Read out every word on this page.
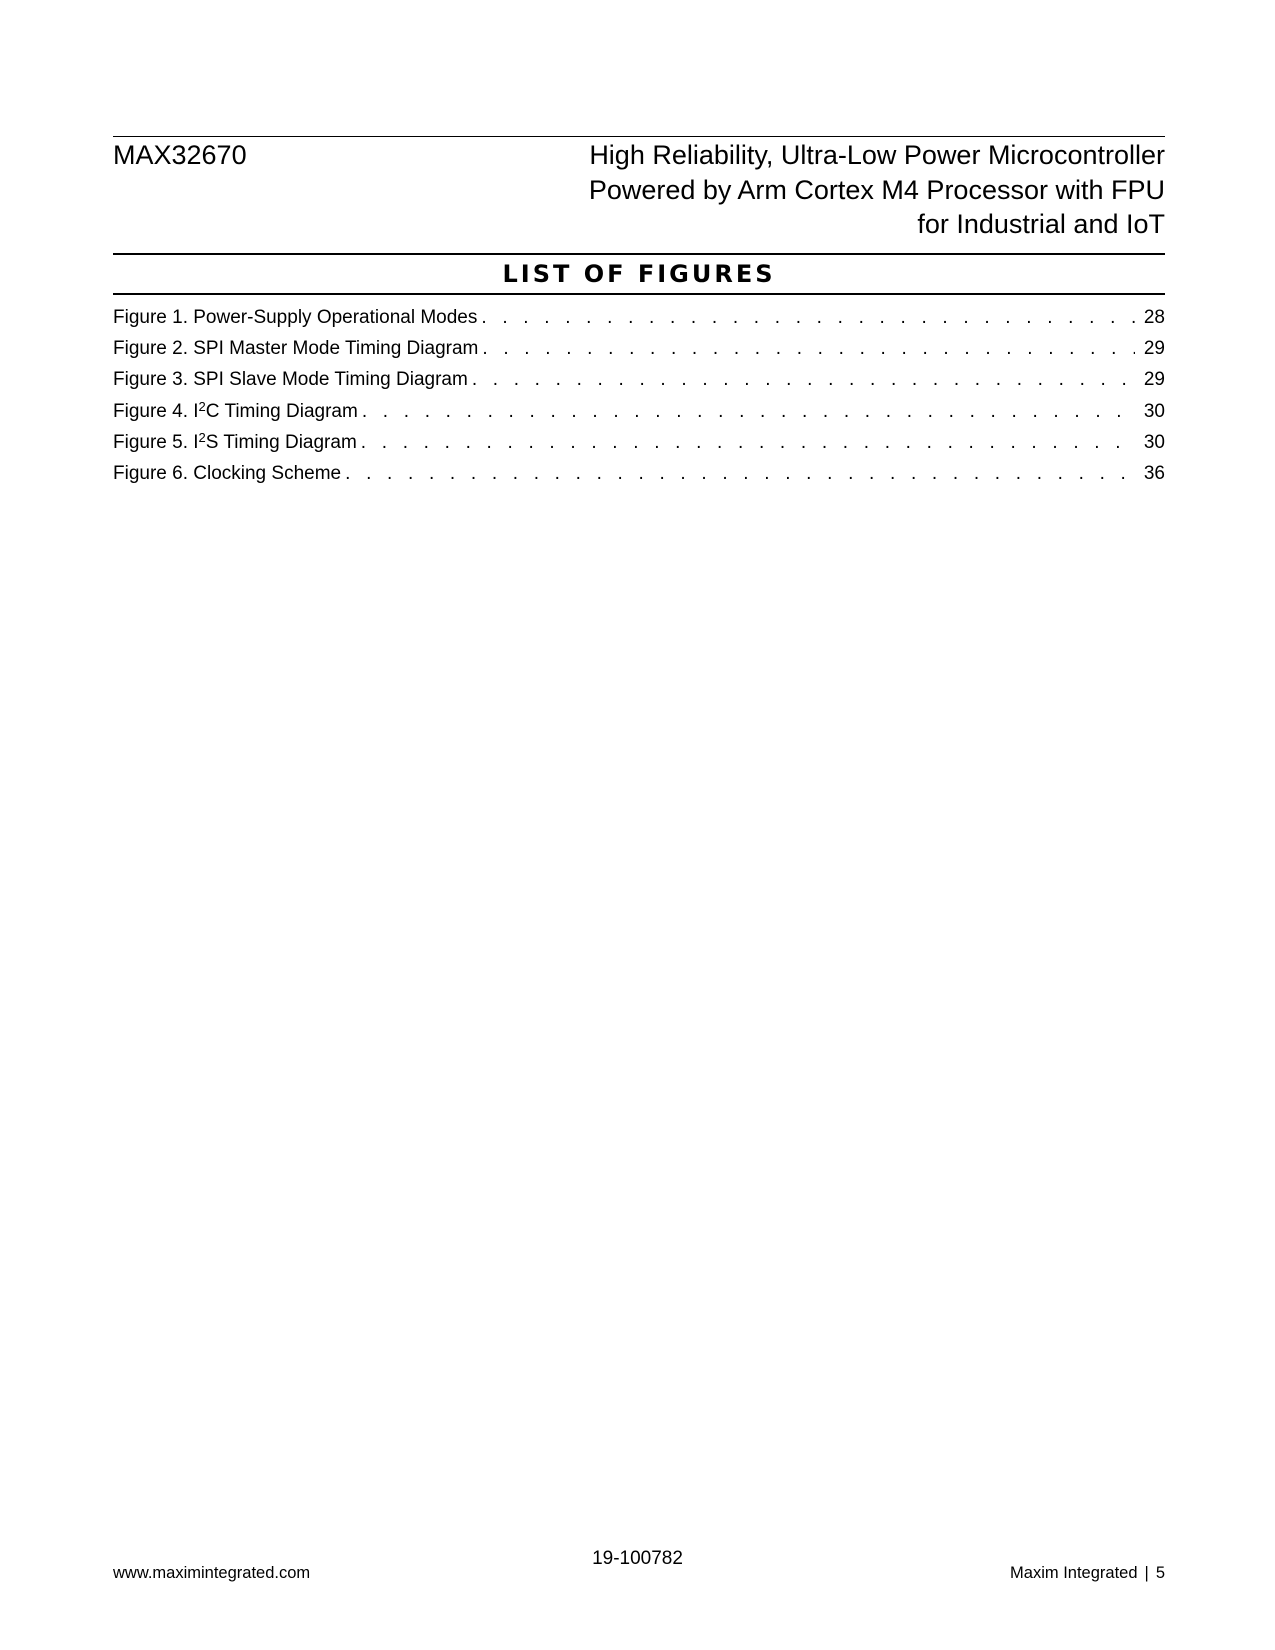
MAX32670	High Reliability, Ultra-Low Power Microcontroller
Powered by Arm Cortex M4 Processor with FPU
for Industrial and IoT
LIST OF FIGURES
Figure 1. Power-Supply Operational Modes . . .	28
Figure 2. SPI Master Mode Timing Diagram . . .	29
Figure 3. SPI Slave Mode Timing Diagram . . .	29
Figure 4. $I^2C$ Timing Diagram . . .	30
Figure 5. $I^2S$ Timing Diagram . . .	30
Figure 6. Clocking Scheme . . .	36
19-100782
www.maximintegrated.com	Maxim Integrated | 5
